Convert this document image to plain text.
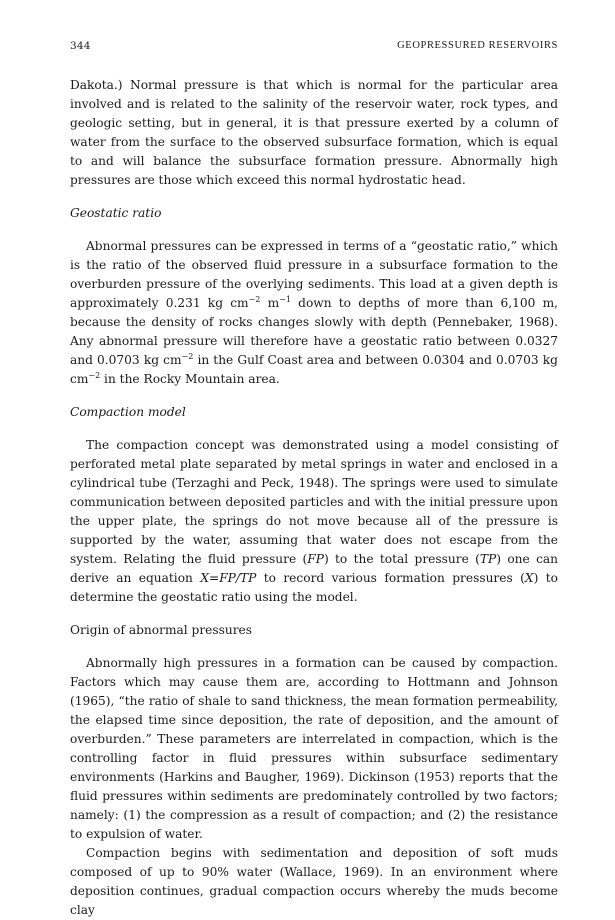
344	GEOPRESSURED RESERVOIRS

Dakota.) Normal pressure is that which is normal for the particular area involved and is related to the salinity of the reservoir water, rock types, and geologic setting, but in general, it is that pressure exerted by a column of water from the surface to the observed subsurface formation, which is equal to and will balance the subsurface formation pressure. Abnormally high pressures are those which exceed this normal hydrostatic head.

Geostatic ratio

Abnormal pressures can be expressed in terms of a “geostatic ratio,” which is the ratio of the observed fluid pressure in a subsurface formation to the overburden pressure of the overlying sediments. This load at a given depth is approximately 0.231 kg $cm^{-2}$ $m^{-1}$ down to depths of more than 6,100 m, because the density of rocks changes slowly with depth (Pennebaker, 1968). Any abnormal pressure will therefore have a geostatic ratio between 0.0327 and 0.0703 kg $cm^{-2}$ in the Gulf Coast area and between 0.0304 and 0.0703 kg $cm^{-2}$ in the Rocky Mountain area.

Compaction model

The compaction concept was demonstrated using a model consisting of perforated metal plate separated by metal springs in water and enclosed in a cylindrical tube (Terzaghi and Peck, 1948). The springs were used to simulate communication between deposited particles and with the initial pressure upon the upper plate, the springs do not move because all of the pressure is supported by the water, assuming that water does not escape from the system. Relating the fluid pressure (FP) to the total pressure (TP) one can derive an equation X=FP/TP to record various formation pressures (X) to determine the geostatic ratio using the model.

Origin of abnormal pressures

Abnormally high pressures in a formation can be caused by compaction. Factors which may cause them are, according to Hottmann and Johnson (1965), “the ratio of shale to sand thickness, the mean formation permeability, the elapsed time since deposition, the rate of deposition, and the amount of overburden.” These parameters are interrelated in compaction, which is the controlling factor in fluid pressures within subsurface sedimentary environments (Harkins and Baugher, 1969). Dickinson (1953) reports that the fluid pressures within sediments are predominately controlled by two factors; namely: (1) the compression as a result of compaction; and (2) the resistance to expulsion of water.

Compaction begins with sedimentation and deposition of soft muds composed of up to 90% water (Wallace, 1969). In an environment where deposition continues, gradual compaction occurs whereby the muds become clay
